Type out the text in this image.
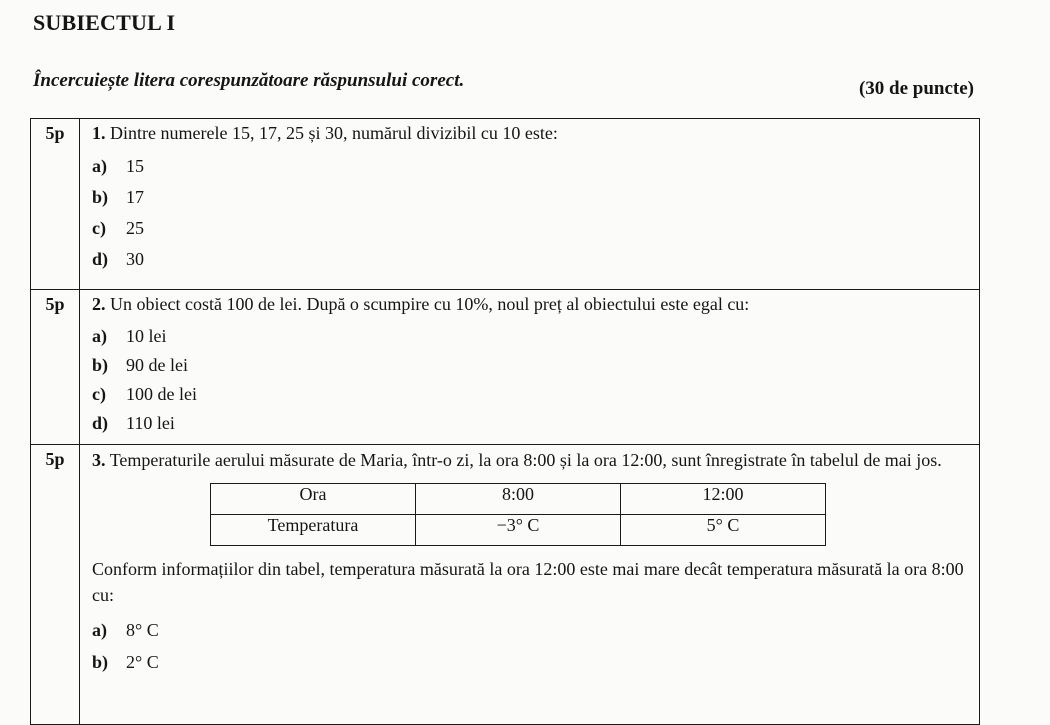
SUBIECTUL I
Încercuiește litera corespunzătoare răspunsului corect.	(30 de puncte)
5p	1. Dintre numerele 15, 17, 25 și 30, numărul divizibil cu 10 este:
a) 15
b) 17
c) 25
d) 30

5p	2. Un obiect costă 100 de lei. După o scumpire cu 10%, noul preț al obiectului este egal cu:
a) 10 lei
b) 90 de lei
c) 100 de lei
d) 110 lei

5p	3. Temperaturile aerului măsurate de Maria, într-o zi, la ora 8:00 și la ora 12:00, sunt înregistrate în tabelul de mai jos.
Ora	8:00	12:00
Temperatura	−3° C	5° C
Conform informațiilor din tabel, temperatura măsurată la ora 12:00 este mai mare decât temperatura măsurată la ora 8:00 cu:
a) 8° C
b) 2° C
